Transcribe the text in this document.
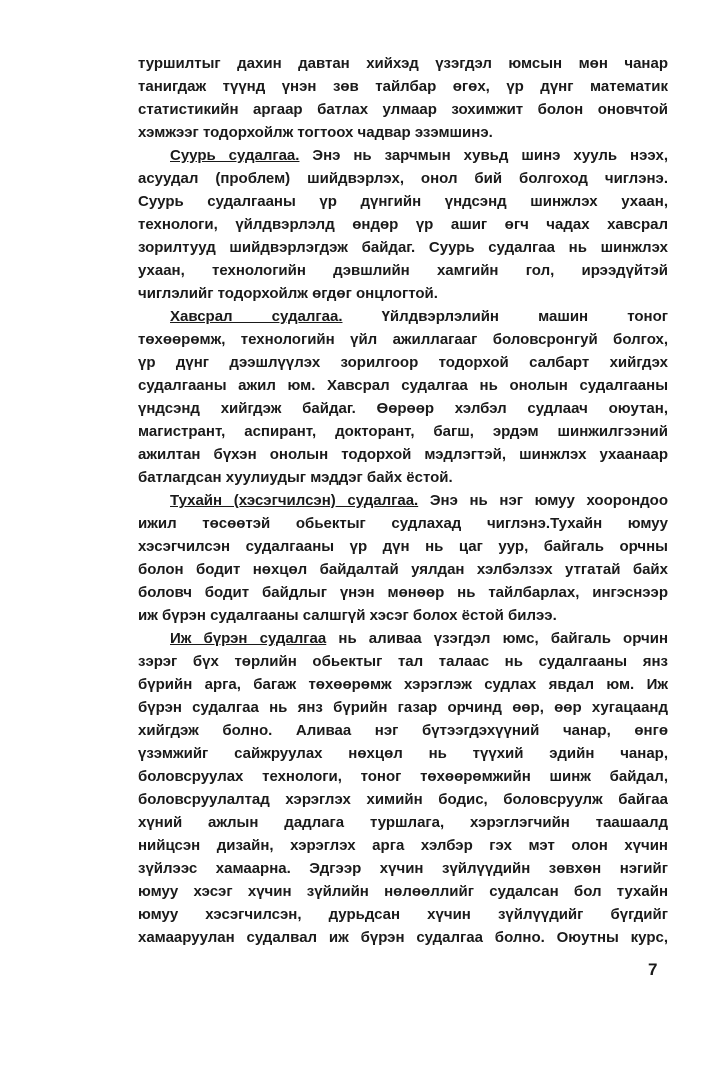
туршилтыг дахин давтан хийхэд үзэгдэл юмсын мөн чанар
танигдаж түүнд үнэн зөв тайлбар өгөх, үр дүнг математик
статистикийн аргаар батлах улмаар зохимжит болон оновчтой
хэмжээг тодорхойлж тогтоох чадвар эзэмшинэ.
Суурь судалгаа. Энэ нь зарчмын хувьд шинэ хууль нээх,
асуудал (проблем) шийдвэрлэх, онол бий болгоход чиглэнэ.
Суурь судалгааны үр дүнгийн үндсэнд шинжлэх ухаан,
технологи, үйлдвэрлэлд өндөр үр ашиг өгч чадах хавсрал
зорилтууд шийдвэрлэгдэж байдаг. Суурь судалгаа нь шинжлэх
ухаан, технологийн дэвшлийн хамгийн гол, ирээдүйтэй
чиглэлийг тодорхойлж өгдөг онцлогтой.
Хавсрал судалгаа. Үйлдвэрлэлийн машин тоног
төхөөрөмж, технологийн үйл ажиллагааг боловсронгуй болгох,
үр дүнг дээшлүүлэх зорилгоор тодорхой салбарт хийгдэх
судалгааны ажил юм. Хавсрал судалгаа нь онолын судалгааны
үндсэнд хийгдэж байдаг. Өөрөөр хэлбэл судлаач оюутан,
магистрант, аспирант, докторант, багш, эрдэм шинжилгээний
ажилтан бүхэн онолын тодорхой мэдлэгтэй, шинжлэх ухаанаар
батлагдсан хуулиудыг мэддэг байх ёстой.
Тухайн (хэсэгчилсэн) судалгаа. Энэ нь нэг юмуу хоорондоо
ижил төсөөтэй обьектыг судлахад чиглэнэ.Тухайн юмуу
хэсэгчилсэн судалгааны үр дүн нь цаг уур, байгаль орчны
болон бодит нөхцөл байдалтай уялдан хэлбэлзэх утгатай байх
боловч бодит байдлыг үнэн мөнөөр нь тайлбарлах, ингэснээр
иж бүрэн судалгааны салшгүй хэсэг болох ёстой билээ.
Иж бүрэн судалгаа нь аливаа үзэгдэл юмс, байгаль орчин
зэрэг бүх төрлийн обьектыг тал талаас нь судалгааны янз
бүрийн арга, багаж төхөөрөмж хэрэглэж судлах явдал юм. Иж
бүрэн судалгаа нь янз бүрийн газар орчинд өөр, өөр хугацаанд
хийгдэж болно. Аливаа нэг бүтээгдэхүүний чанар, өнгө
үзэмжийг сайжруулах нөхцөл нь түүхий эдийн чанар,
боловсруулах технологи, тоног төхөөрөмжийн шинж байдал,
боловсруулалтад хэрэглэх химийн бодис, боловсруулж байгаа
хүний ажлын дадлага туршлага, хэрэглэгчийн таашаалд
нийцсэн дизайн, хэрэглэх арга хэлбэр гэх мэт олон хүчин
зүйлээс хамаарна. Эдгээр хүчин зүйлүүдийн зөвхөн нэгийг
юмуу хэсэг хүчин зүйлийн нөлөөллийг судалсан бол тухайн
юмуу хэсэгчилсэн, дурьдсан хүчин зүйлүүдийг бүгдийг
хамааруулан судалвал иж бүрэн судалгаа болно. Оюутны курс,
7
